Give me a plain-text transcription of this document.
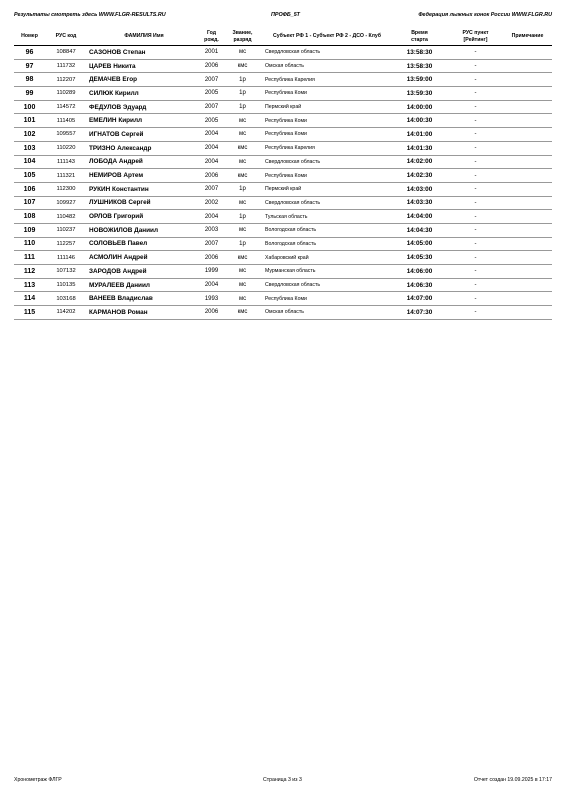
Результаты смотреть здесь WWW.FLGR-RESULTS.RU	ПРОФБ_5Т	Федерация лыжных гонок России WWW.FLGR.RU
Номер	РУС код	ФАМИЛИЯ Имя	Год
рожд.	Звание,
разряд	Субъект РФ 1 - Субъект РФ 2 - ДСО - Клуб	Время
старта	РУС пункт
[Рейтинг]	Примечание
96	108847	САЗОНОВ Степан	2001	мс	Свердловская область	13:58:30	-	
97	111732	ЦАРЕВ Никита	2006	кмс	Омская область	13:58:30	-	
98	112207	ДЕМАЧЕВ Егор	2007	1р	Республика Карелия	13:59:00	-	
99	110289	СИЛЮК Кирилл	2005	1р	Республика Коми	13:59:30	-	
100	114572	ФЕДУЛОВ Эдуард	2007	1р	Пермский край	14:00:00	-	
101	111405	ЕМЕЛИН Кирилл	2005	мс	Республика Коми	14:00:30	-	
102	109557	ИГНАТОВ Сергей	2004	мс	Республика Коми	14:01:00	-	
103	110220	ТРИЗНО Александр	2004	кмс	Республика Карелия	14:01:30	-	
104	111143	ЛОБОДА Андрей	2004	мс	Свердловская область	14:02:00	-	
105	111321	НЕМИРОВ Артем	2006	кмс	Республика Коми	14:02:30	-	
106	112300	РУКИН Константин	2007	1р	Пермский край	14:03:00	-	
107	109927	ЛУШНИКОВ Сергей	2002	мс	Свердловская область	14:03:30	-	
108	110482	ОРЛОВ Григорий	2004	1р	Тульская область	14:04:00	-	
109	110237	НОВОЖИЛОВ Даниил	2003	мс	Вологодская область	14:04:30	-	
110	112257	СОЛОВЬЕВ Павел	2007	1р	Вологодская область	14:05:00	-	
111	111146	АСМОЛИН Андрей	2006	кмс	Хабаровский край	14:05:30	-	
112	107132	ЗАРОДОВ Андрей	1999	мс	Мурманская область	14:06:00	-	
113	110135	МУРАЛЕЕВ Даниил	2004	мс	Свердловская область	14:06:30	-	
114	103168	ВАНЕЕВ Владислав	1993	мс	Республика Коми	14:07:00	-	
115	114202	КАРМАНОВ Роман	2006	кмс	Омская область	14:07:30	-	
Хронометраж ФЛГР	Страница 3 из 3	Отчет создан 19.09.2025 в 17:17
